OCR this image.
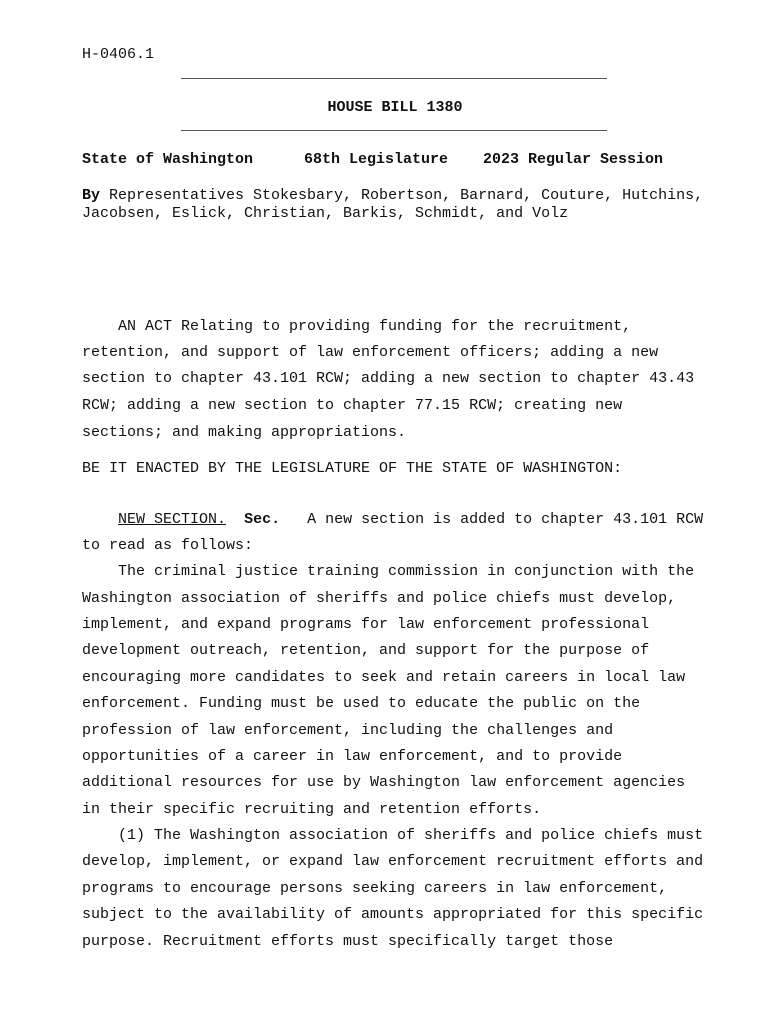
H-0406.1
HOUSE BILL 1380
State of Washington	68th Legislature 2023 Regular Session
By Representatives Stokesbary, Robertson, Barnard, Couture, Hutchins,
Jacobsen, Eslick, Christian, Barkis, Schmidt, and Volz
AN ACT Relating to providing funding for the recruitment,
retention, and support of law enforcement officers; adding a new
section to chapter 43.101 RCW; adding a new section to chapter 43.43
RCW; adding a new section to chapter 77.15 RCW; creating new
sections; and making appropriations.
BE IT ENACTED BY THE LEGISLATURE OF THE STATE OF WASHINGTON:
NEW SECTION. Sec.   A new section is added to chapter 43.101 RCW
to read as follows:
The criminal justice training commission in conjunction with the
Washington association of sheriffs and police chiefs must develop,
implement, and expand programs for law enforcement professional
development outreach, retention, and support for the purpose of
encouraging more candidates to seek and retain careers in local law
enforcement. Funding must be used to educate the public on the
profession of law enforcement, including the challenges and
opportunities of a career in law enforcement, and to provide
additional resources for use by Washington law enforcement agencies
in their specific recruiting and retention efforts.
(1) The Washington association of sheriffs and police chiefs must
develop, implement, or expand law enforcement recruitment efforts and
programs to encourage persons seeking careers in law enforcement,
subject to the availability of amounts appropriated for this specific
purpose. Recruitment efforts must specifically target those
